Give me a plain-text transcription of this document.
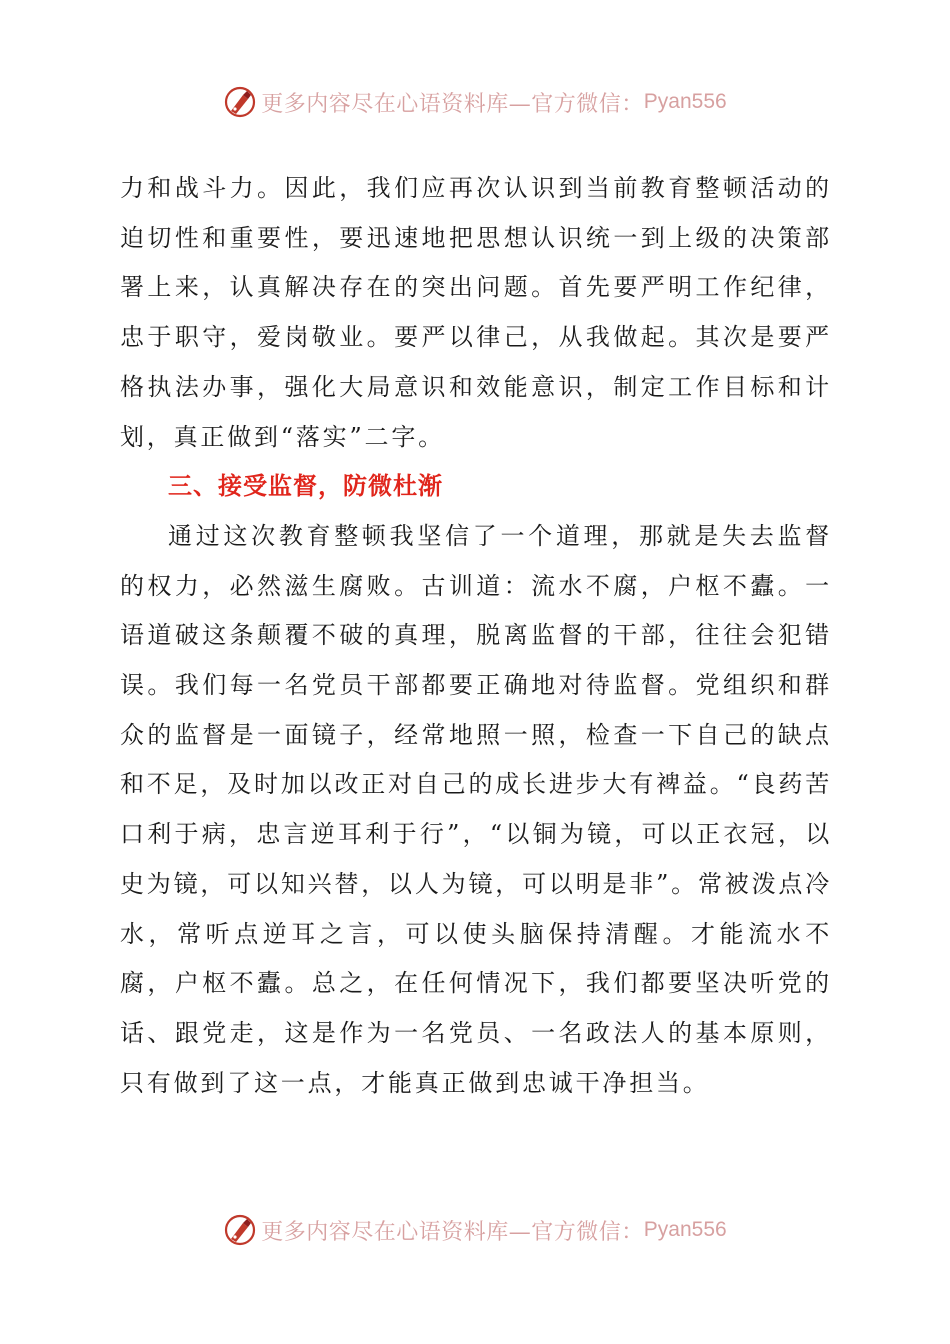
更多内容尽在心语资料库—官方微信： Pyan556

力和战斗力。因此，我们应再次认识到当前教育整顿活动的迫切性和重要性，要迅速地把思想认识统一到上级的决策部署上来，认真解决存在的突出问题。首先要严明工作纪律，忠于职守，爱岗敬业。要严以律己，从我做起。其次是要严格执法办事，强化大局意识和效能意识，制定工作目标和计划，真正做到“落实”二字。

三、接受监督，防微杜渐

通过这次教育整顿我坚信了一个道理，那就是失去监督的权力，必然滋生腐败。古训道：流水不腐，户枢不蠹。一语道破这条颠覆不破的真理，脱离监督的干部，往往会犯错误。我们每一名党员干部都要正确地对待监督。党组织和群众的监督是一面镜子，经常地照一照，检查一下自己的缺点和不足，及时加以改正对自己的成长进步大有裨益。“良药苦口利于病，忠言逆耳利于行”，“以铜为镜，可以正衣冠，以史为镜，可以知兴替，以人为镜，可以明是非”。常被泼点冷水，常听点逆耳之言，可以使头脑保持清醒。才能流水不腐，户枢不蠹。总之，在任何情况下，我们都要坚决听党的话、跟党走，这是作为一名党员、一名政法人的基本原则，只有做到了这一点，才能真正做到忠诚干净担当。

更多内容尽在心语资料库—官方微信： Pyan556
